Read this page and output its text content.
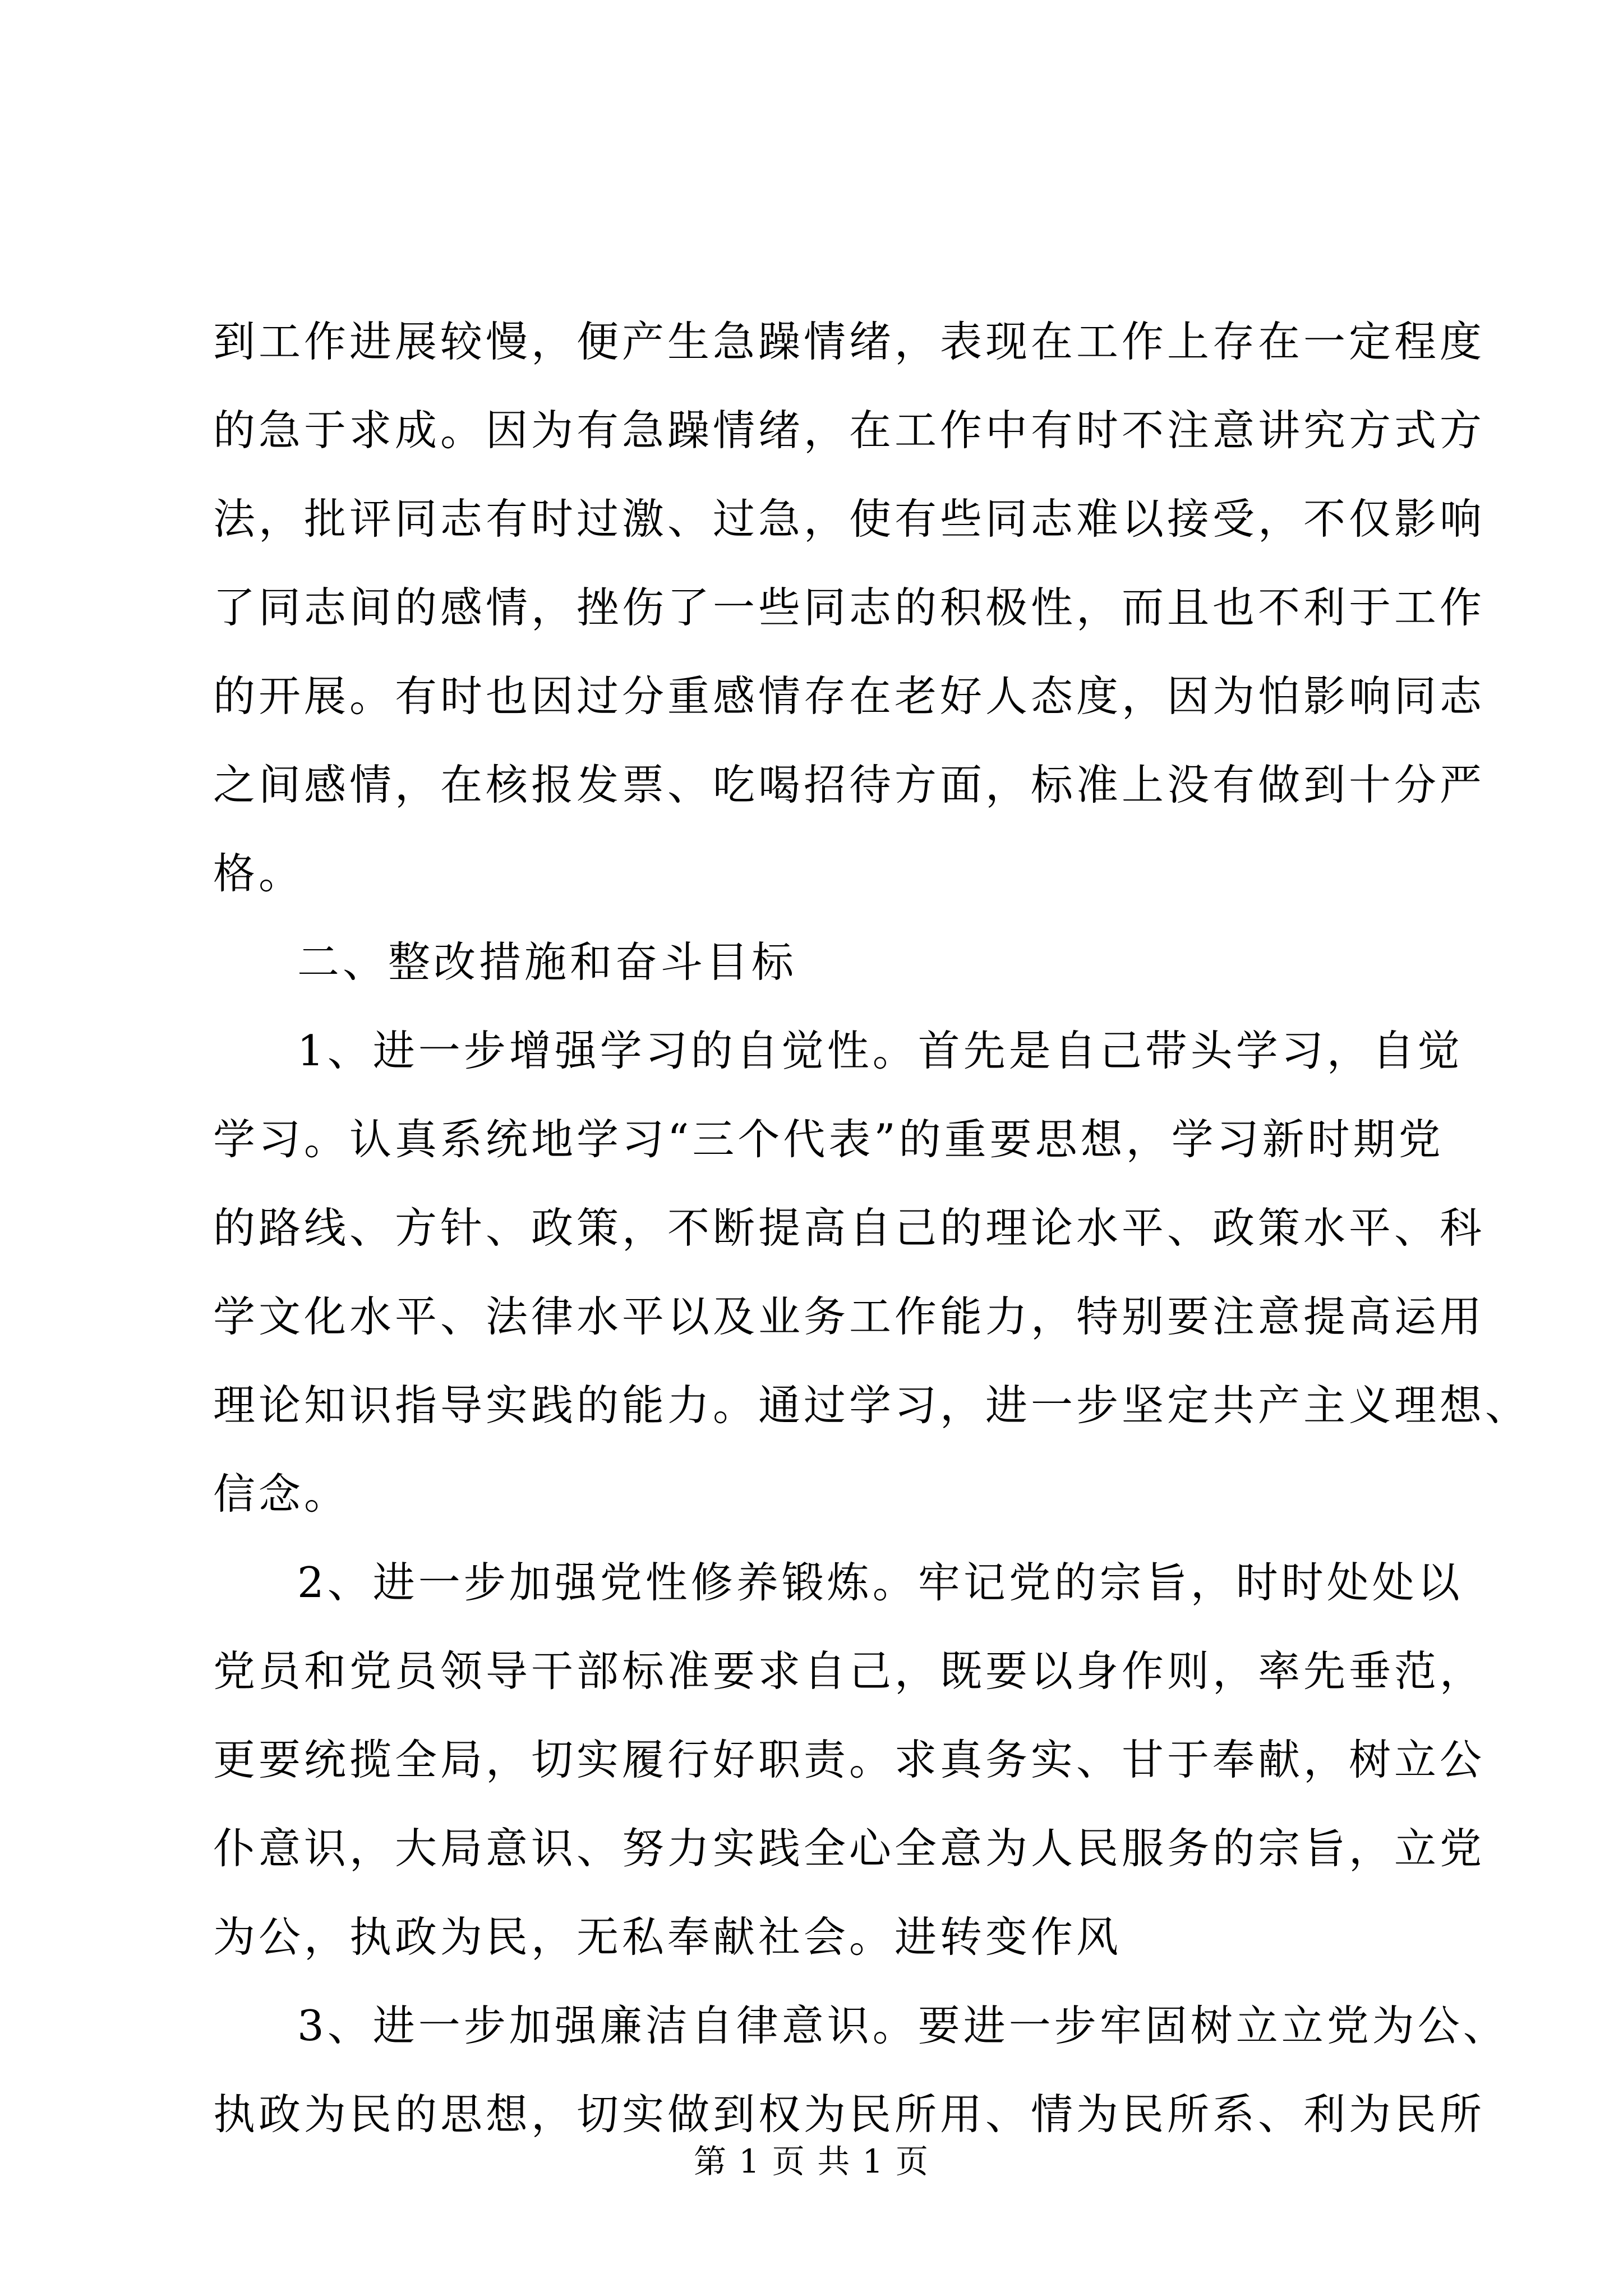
到工作进展较慢，便产生急躁情绪，表现在工作上存在一定程度
的急于求成。因为有急躁情绪，在工作中有时不注意讲究方式方
法，批评同志有时过激、过急，使有些同志难以接受，不仅影响
了同志间的感情，挫伤了一些同志的积极性，而且也不利于工作
的开展。有时也因过分重感情存在老好人态度，因为怕影响同志
之间感情，在核报发票、吃喝招待方面，标准上没有做到十分严
格。
二、整改措施和奋斗目标
1、进一步增强学习的自觉性。首先是自己带头学习，自觉
学习。认真系统地学习“三个代表”的重要思想，学习新时期党
的路线、方针、政策，不断提高自己的理论水平、政策水平、科
学文化水平、法律水平以及业务工作能力，特别要注意提高运用
理论知识指导实践的能力。通过学习，进一步坚定共产主义理想、
信念。
2、进一步加强党性修养锻炼。牢记党的宗旨，时时处处以
党员和党员领导干部标准要求自己，既要以身作则，率先垂范，
更要统揽全局，切实履行好职责。求真务实、甘于奉献，树立公
仆意识，大局意识、努力实践全心全意为人民服务的宗旨，立党
为公，执政为民，无私奉献社会。进转变作风
3、进一步加强廉洁自律意识。要进一步牢固树立立党为公、
执政为民的思想，切实做到权为民所用、情为民所系、利为民所
第 1 页 共 1 页
